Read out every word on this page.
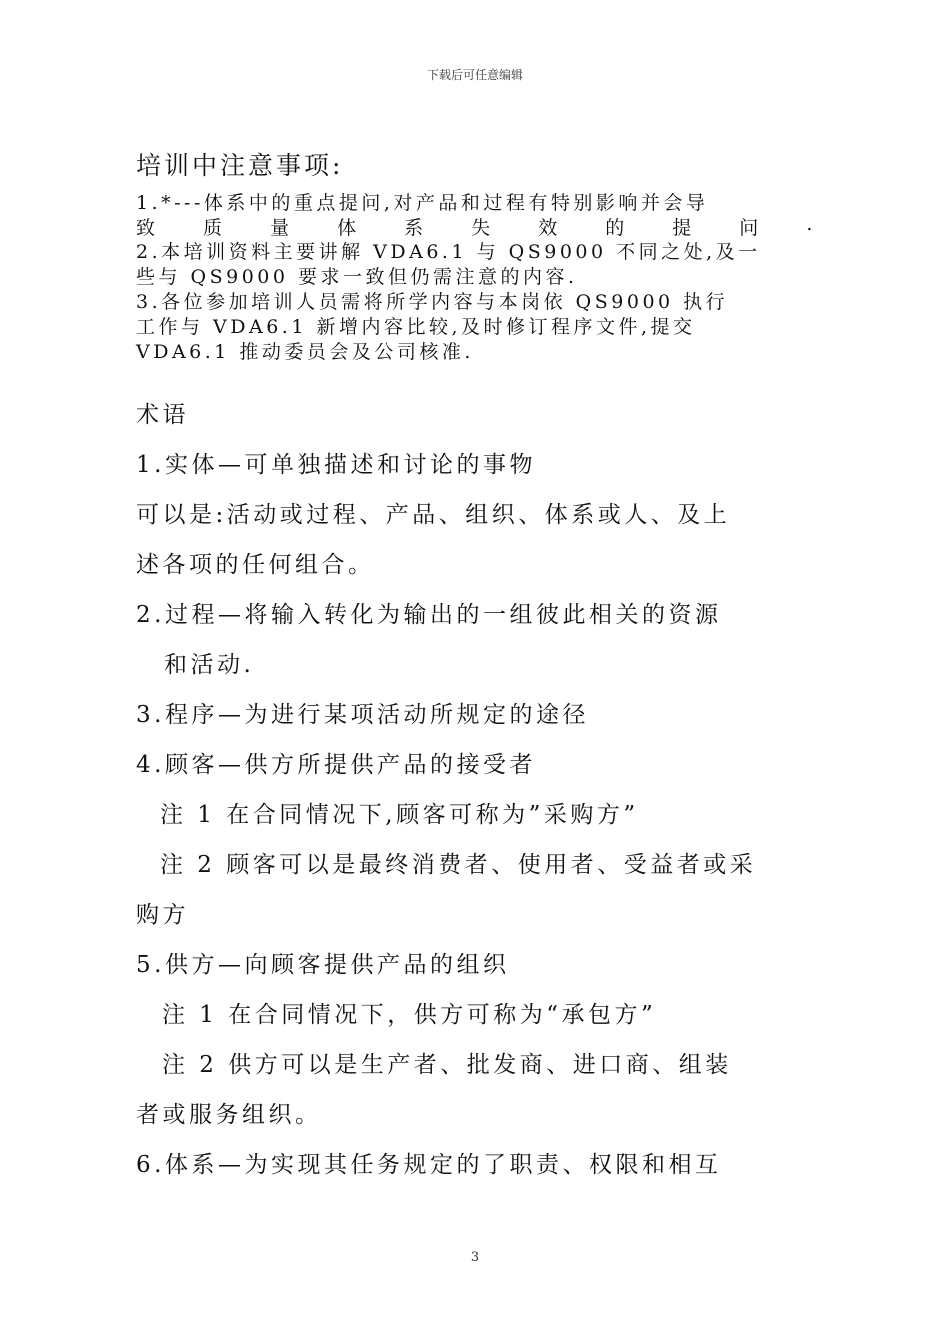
下载后可任意编辑
培训中注意事项:
1.*---体系中的重点提问,对产品和过程有特别影响并会导
致 质 量 体 系 失 效 的 提 问 .
2.本培训资料主要讲解 VDA6.1 与 QS9000 不同之处,及一
些与 QS9000 要求一致但仍需注意的内容.
3.各位参加培训人员需将所学内容与本岗依 QS9000 执行
工作与 VDA6.1 新增内容比较,及时修订程序文件,提交
VDA6.1 推动委员会及公司核准.
术语
1.实体—可单独描述和讨论的事物
可以是:活动或过程、产品、组织、体系或人、及上
述各项的任何组合。
2.过程—将输入转化为输出的一组彼此相关的资源
和活动.
3.程序—为进行某项活动所规定的途径
4.顾客—供方所提供产品的接受者
注 1 在合同情况下,顾客可称为”采购方”
注 2 顾客可以是最终消费者、使用者、受益者或采
购方
5.供方—向顾客提供产品的组织
注 1 在合同情况下，供方可称为“承包方”
注 2 供方可以是生产者、批发商、进口商、组装
者或服务组织。
6.体系—为实现其任务规定的了职责、权限和相互
3
